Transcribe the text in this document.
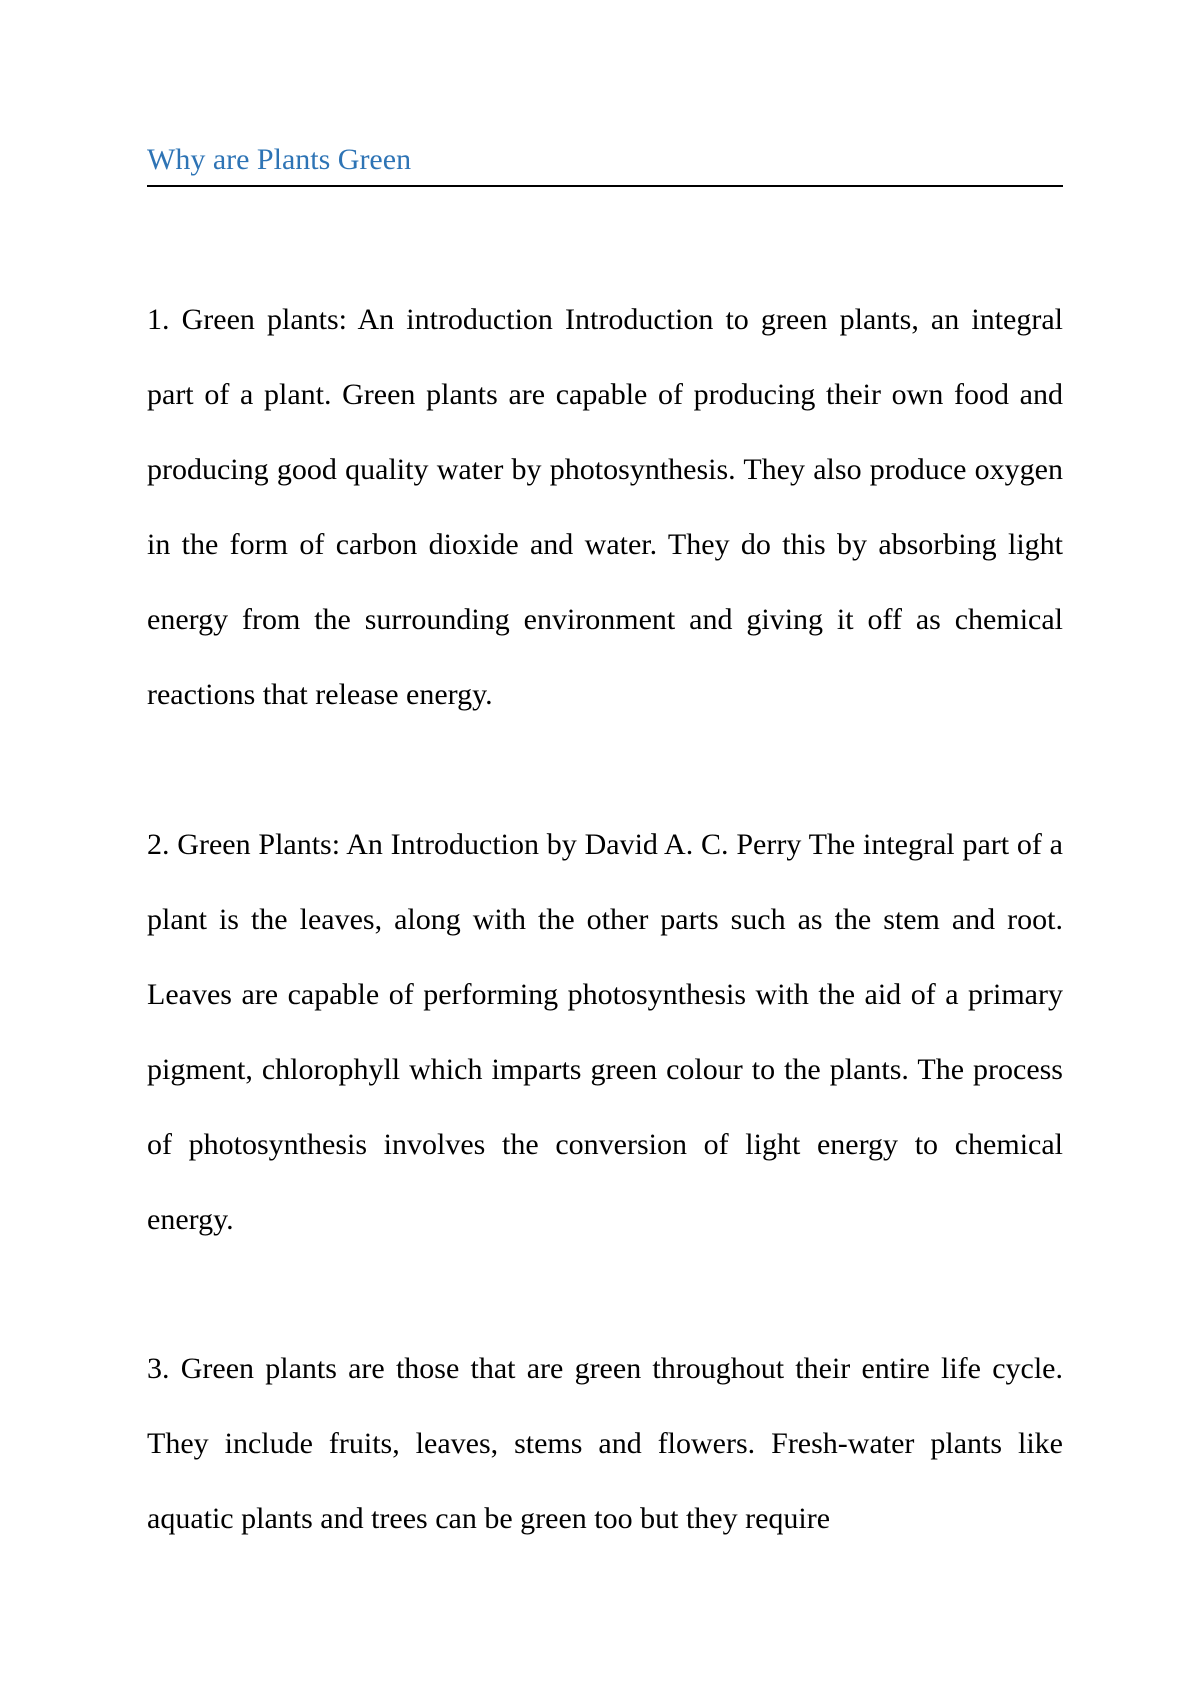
Why are Plants Green

1. Green plants: An introduction Introduction to green plants, an integral part of a plant. Green plants are capable of producing their own food and producing good quality water by photosynthesis. They also produce oxygen in the form of carbon dioxide and water. They do this by absorbing light energy from the surrounding environment and giving it off as chemical reactions that release energy.

2. Green Plants: An Introduction by David A. C. Perry The integral part of a plant is the leaves, along with the other parts such as the stem and root. Leaves are capable of performing photosynthesis with the aid of a primary pigment, chlorophyll which imparts green colour to the plants. The process of photosynthesis involves the conversion of light energy to chemical energy.

3. Green plants are those that are green throughout their entire life cycle. They include fruits, leaves, stems and flowers. Fresh-water plants like aquatic plants and trees can be green too but they require
